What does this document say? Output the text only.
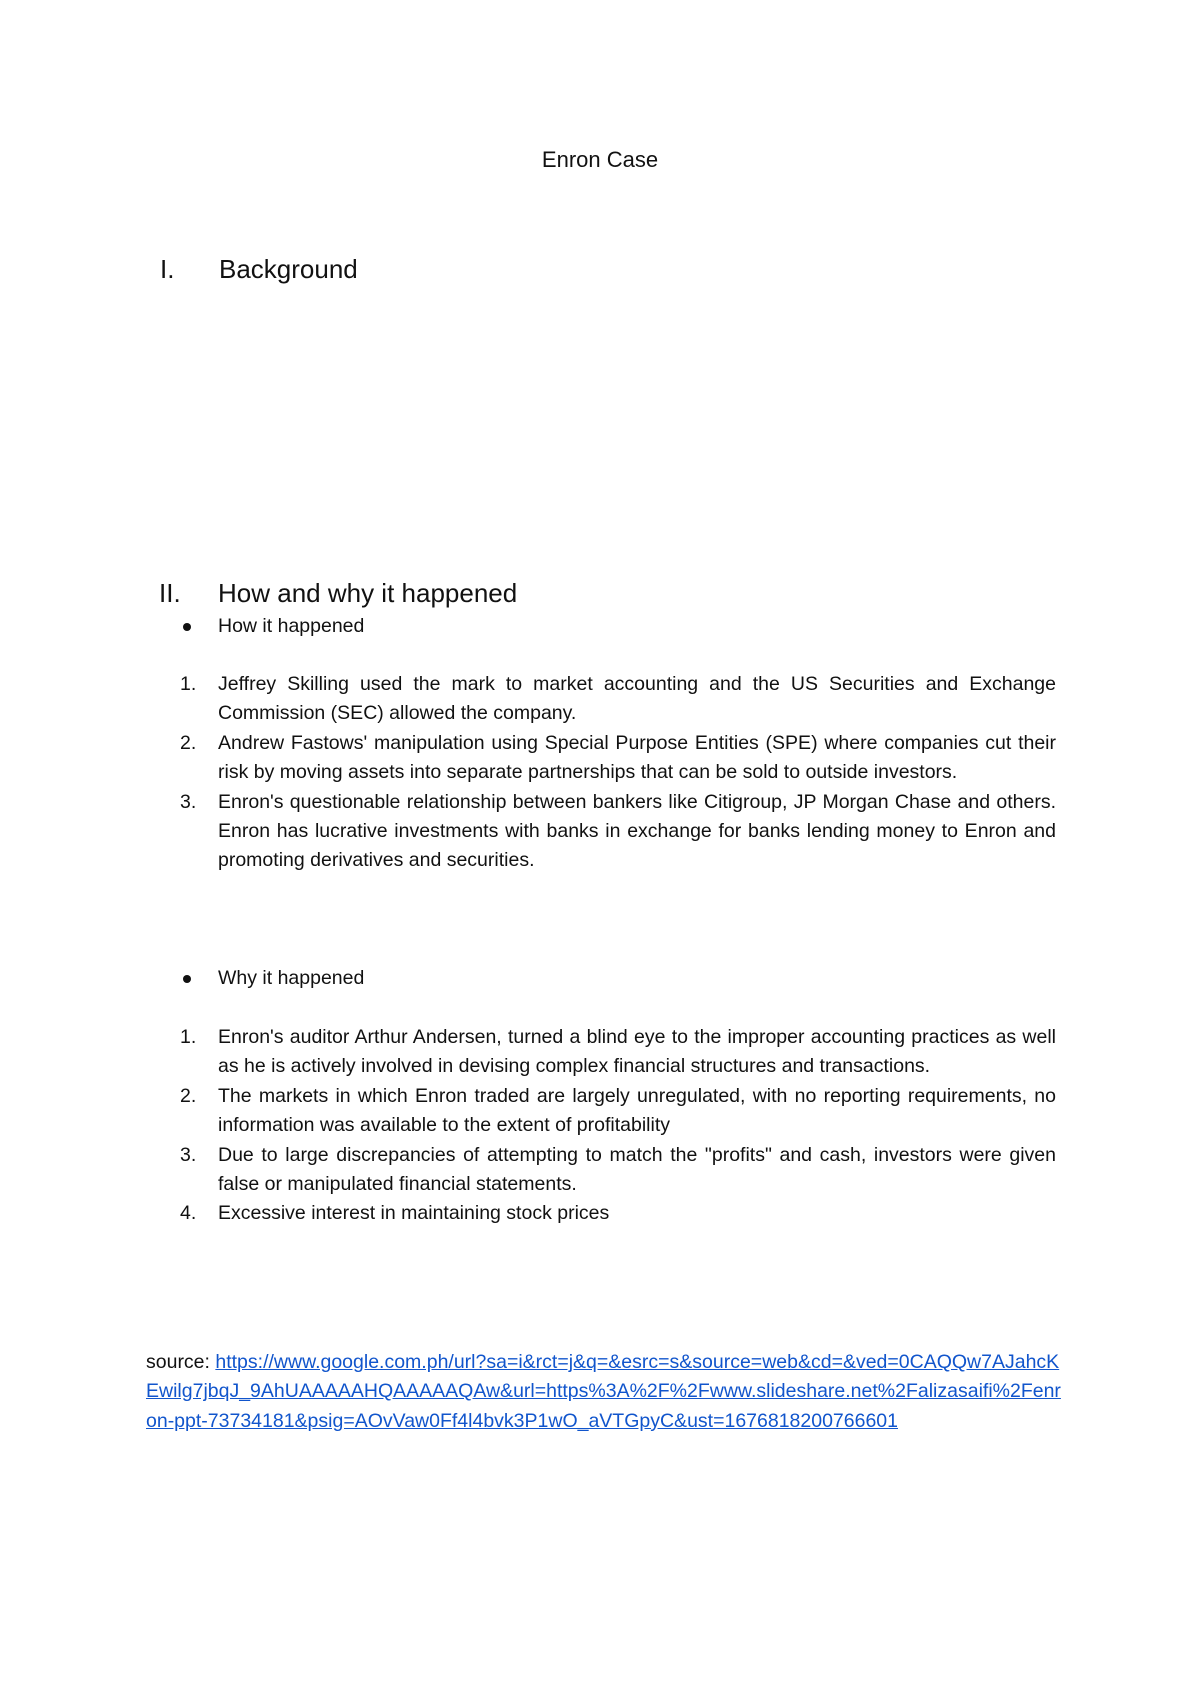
Enron Case
I. Background
II. How and why it happened
How it happened
1. Jeffrey Skilling used the mark to market accounting and the US Securities and Exchange Commission (SEC) allowed the company.
2. Andrew Fastows' manipulation using Special Purpose Entities (SPE) where companies cut their risk by moving assets into separate partnerships that can be sold to outside investors.
3. Enron's questionable relationship between bankers like Citigroup, JP Morgan Chase and others. Enron has lucrative investments with banks in exchange for banks lending money to Enron and promoting derivatives and securities.
Why it happened
1. Enron's auditor Arthur Andersen, turned a blind eye to the improper accounting practices as well as he is actively involved in devising complex financial structures and transactions.
2. The markets in which Enron traded are largely unregulated, with no reporting requirements, no information was available to the extent of profitability
3. Due to large discrepancies of attempting to match the "profits" and cash, investors were given false or manipulated financial statements.
4. Excessive interest in maintaining stock prices

source: https://www.google.com.ph/url?sa=i&rct=j&q=&esrc=s&source=web&cd=&ved=0CAQQw7AJahcKEwilg7jbqJ_9AhUAAAAAHQAAAAAQAw&url=https%3A%2F%2Fwww.slideshare.net%2Falizasaifi%2Fenron-ppt-73734181&psig=AOvVaw0Ff4l4bvk3P1wO_aVTGpyC&ust=1676818200766601
